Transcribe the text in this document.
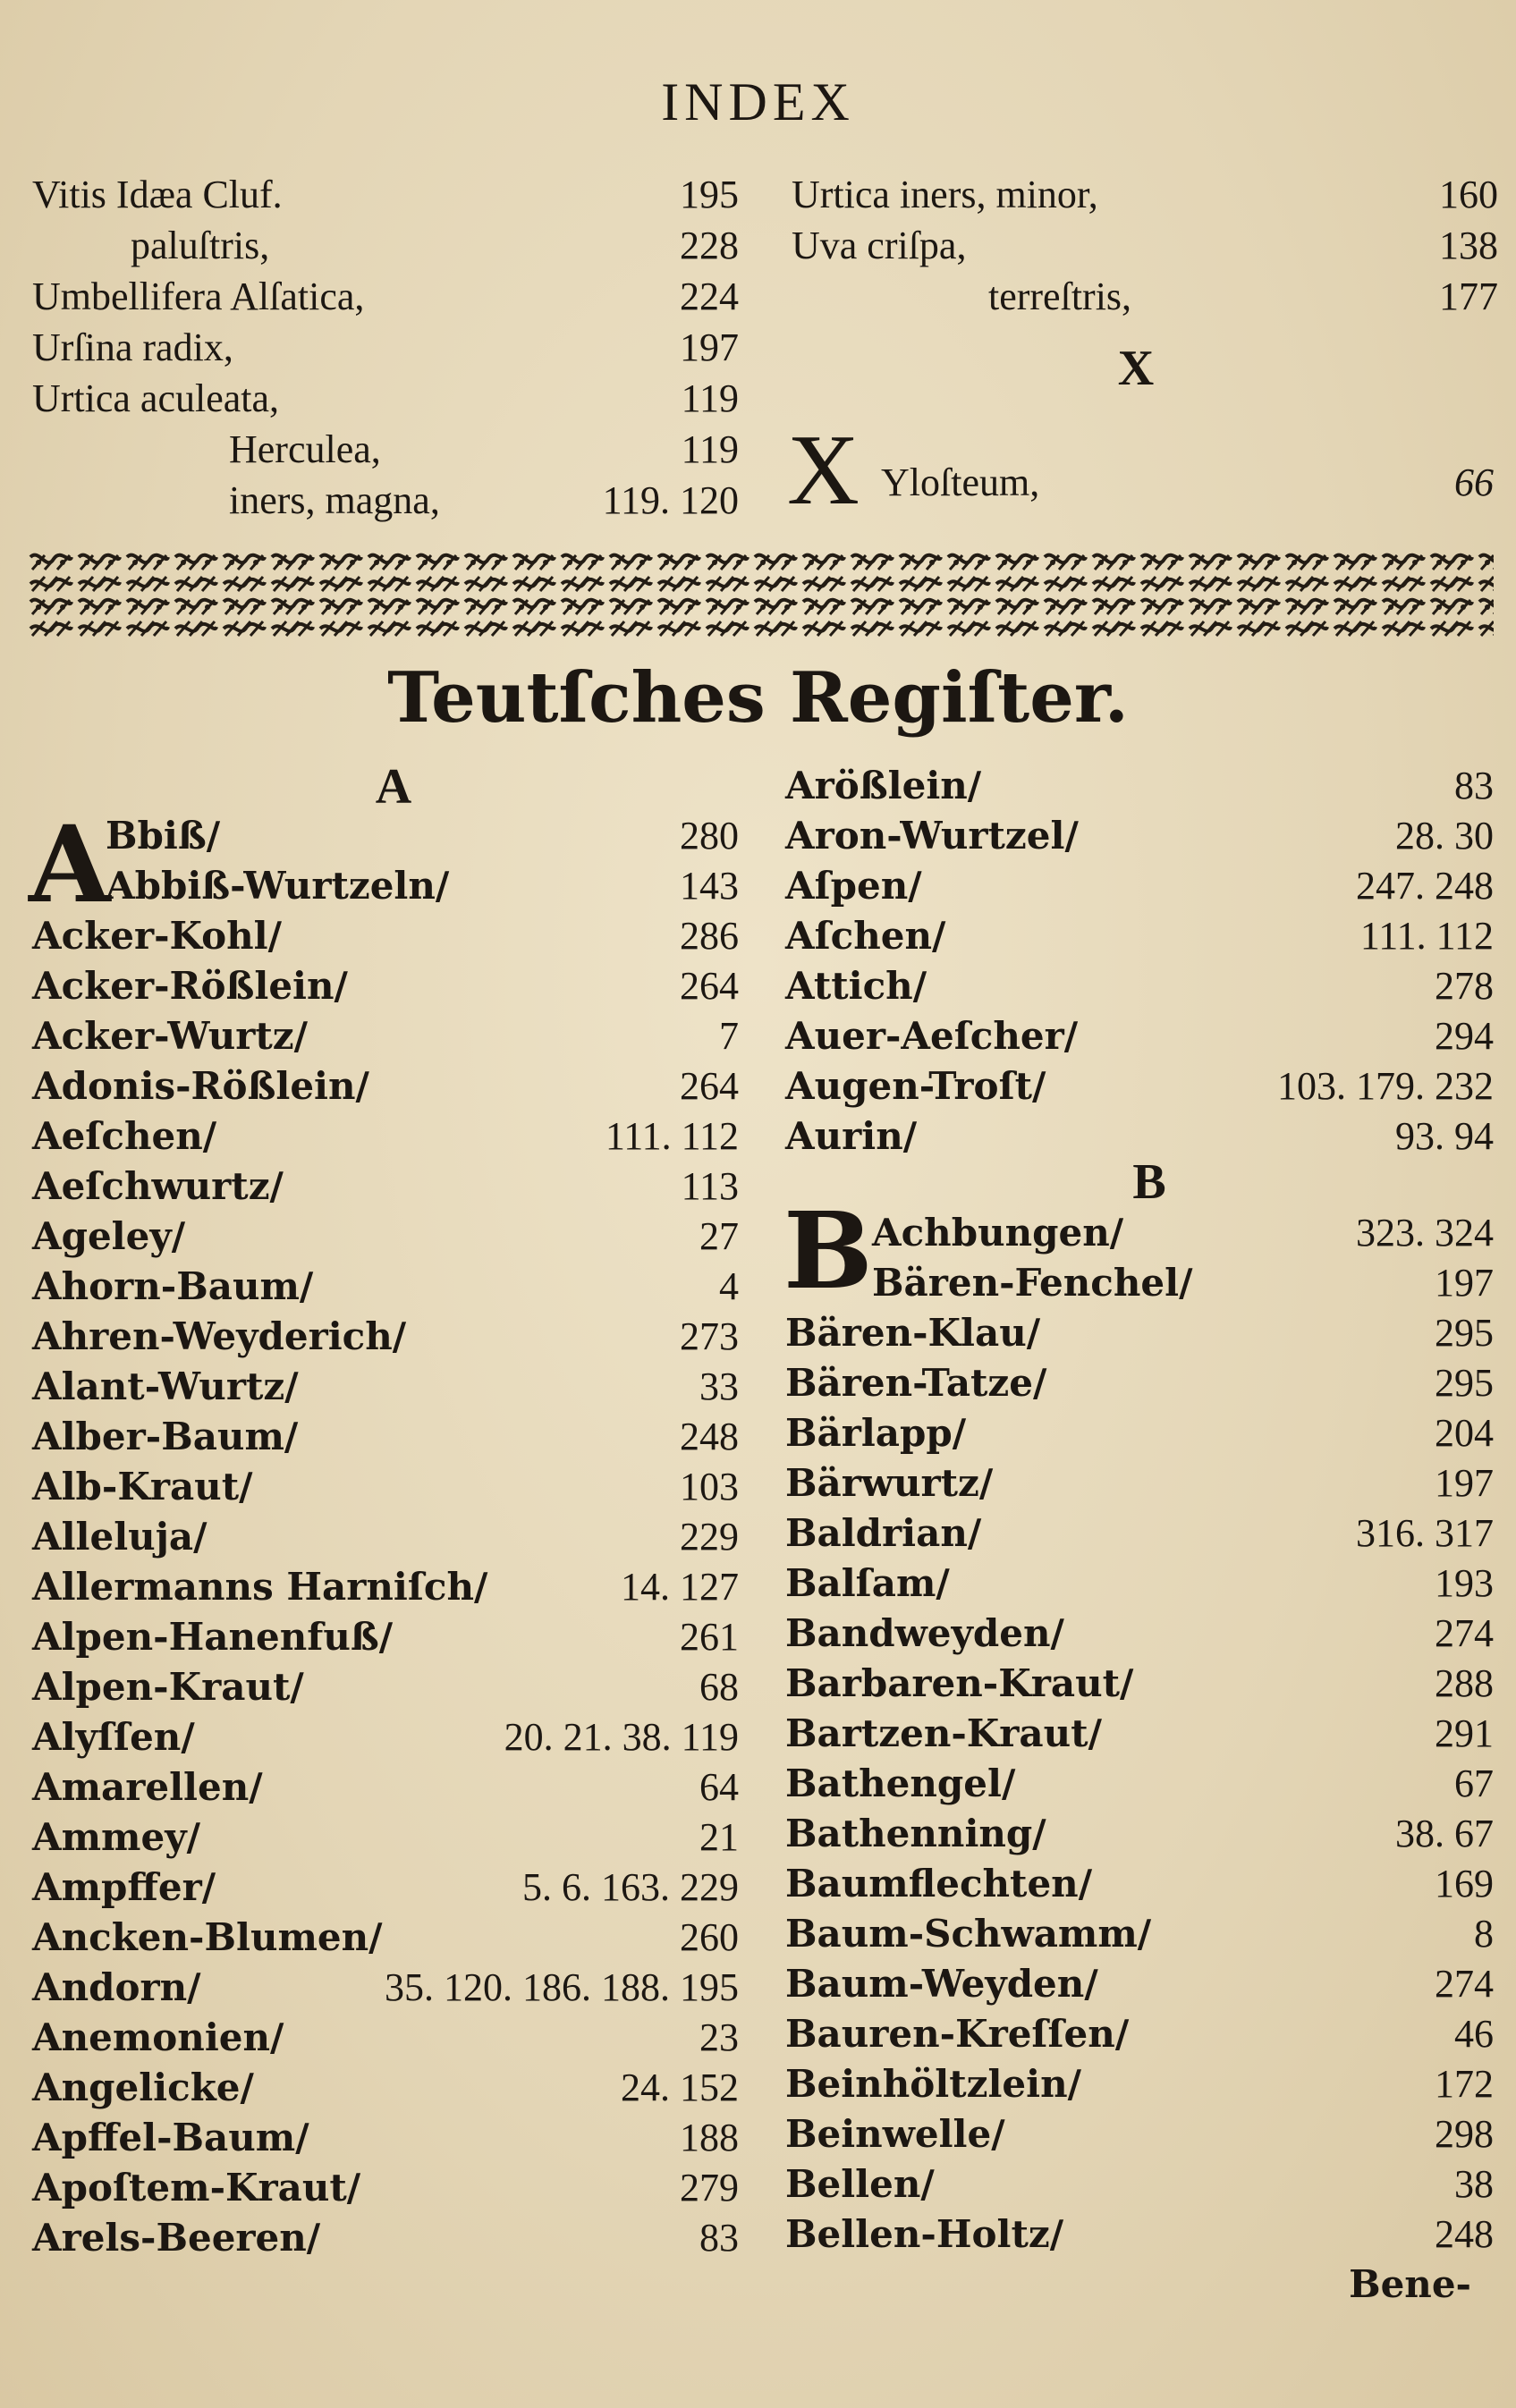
INDEX
Vitis Idæa Cluf.	195
paluſtris,	228
Umbellifera Alſatica,	224
Urſina radix,	197
Urtica aculeata,	119
Herculea,	119
iners, magna,	119. 120
Urtica iners, minor,	160
Uva criſpa,	138
terreſtris,	177
X
X Yloſteum,	66
Teutſches Regiſter.
A
A
Bbiß/	280
Abbiß-Wurtzeln/	143
Acker-Kohl/	286
Acker-Rößlein/	264
Acker-Wurtz/	7
Adonis-Rößlein/	264
Aeſchen/	111. 112
Aeſchwurtz/	113
Ageley/	27
Ahorn-Baum/	4
Ahren-Weyderich/	273
Alant-Wurtz/	33
Alber-Baum/	248
Alb-Kraut/	103
Alleluja/	229
Allermanns Harniſch/	14. 127
Alpen-Hanenfuß/	261
Alpen-Kraut/	68
Alyſſen/	20. 21. 38. 119
Amarellen/	64
Ammey/	21
Ampffer/	5. 6. 163. 229
Ancken-Blumen/	260
Andorn/	35. 120. 186. 188. 195
Anemonien/	23
Angelicke/	24. 152
Apffel-Baum/	188
Apoſtem-Kraut/	279
Arels-Beeren/	83
Arößlein/	83
Aron-Wurtzel/	28. 30
Aſpen/	247. 248
Aſchen/	111. 112
Attich/	278
Auer-Aeſcher/	294
Augen-Troſt/	103. 179. 232
Aurin/	93. 94
B
B Achbungen/	323. 324
Bären-Fenchel/	197
Bären-Klau/	295
Bären-Tatze/	295
Bärlapp/	204
Bärwurtz/	197
Baldrian/	316. 317
Balſam/	193
Bandweyden/	274
Barbaren-Kraut/	288
Bartzen-Kraut/	291
Bathengel/	67
Bathenning/	38. 67
Baumflechten/	169
Baum-Schwamm/	8
Baum-Weyden/	274
Bauren-Kreſſen/	46
Beinhöltzlein/	172
Beinwelle/	298
Bellen/	38
Bellen-Holtz/	248
Bene-
